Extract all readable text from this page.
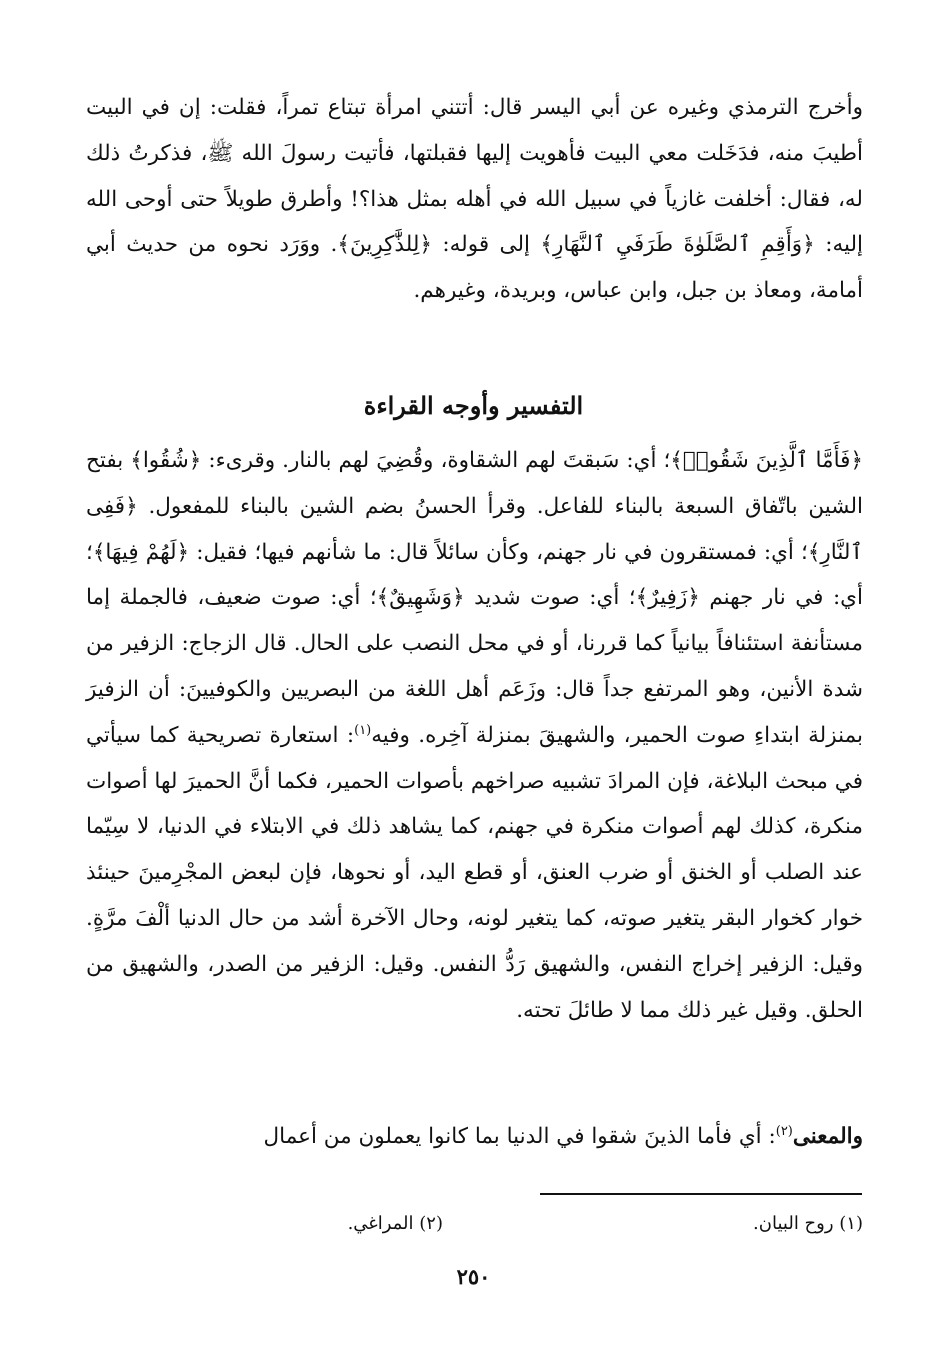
وأخرج الترمذي وغيره عن أبي اليسر قال: أتتني امرأة تبتاع تمراً، فقلت: إن في البيت أطيبَ منه، فدَخَلت معي البيت فأهويت إليها فقبلتها، فأتيت رسولَ الله ﷺ، فذكرتُ ذلك له، فقال: أخلفت غازياً في سبيل الله في أهله بمثل هذا؟! وأطرق طويلاً حتى أوحى الله إليه: ﴿وَأَقِمِ ٱلصَّلَوٰةَ طَرَفَيِ ٱلنَّهَارِ﴾ إلى قوله: ﴿لِلذَّٰكِرِينَ﴾. ووَرَد نحوه من حديث أبي أمامة، ومعاذ بن جبل، وابن عباس، وبريدة، وغيرهم.
التفسير وأوجه القراءة
﴿فَأَمَّا ٱلَّذِينَ شَقُوا۟﴾؛ أي: سَبقتَ لهم الشقاوة، وقُضِيَ لهم بالنار. وقرىء: ﴿شُقُوا﴾ بفتح الشين باتّفاق السبعة بالبناء للفاعل. وقرأ الحسنُ بضم الشين بالبناء للمفعول. ﴿فَفِى ٱلنَّارِ﴾؛ أي: فمستقرون في نار جهنم، وكأن سائلاً قال: ما شأنهم فيها؛ فقيل: ﴿لَهُمْ فِيهَا﴾؛ أي: في نار جهنم ﴿زَفِيرٌ﴾؛ أي: صوت شديد ﴿وَشَهِيقٌ﴾؛ أي: صوت ضعيف، فالجملة إما مستأنفة استئنافاً بيانياً كما قررنا، أو في محل النصب على الحال. قال الزجاج: الزفير من شدة الأنين، وهو المرتفع جداً قال: وزَعَم أهل اللغة من البصريين والكوفيينَ: أن الزفيرَ بمنزلة ابتداءِ صوت الحمير، والشهيقَ بمنزلة آخِره. وفيه$^{(١)}$: استعارة تصريحية كما سيأتي في مبحث البلاغة، فإن المرادَ تشبيه صراخهم بأصوات الحمير، فكما أنَّ الحميرَ لها أصوات منكرة، كذلك لهم أصوات منكرة في جهنم، كما يشاهد ذلك في الابتلاء في الدنيا، لا سِيّما عند الصلب أو الخنق أو ضرب العنق، أو قطع اليد، أو نحوها، فإن لبعض المجْرِمينَ حينئذ خوار كخوار البقر يتغير صوته، كما يتغير لونه، وحال الآخرة أشد من حال الدنيا ألْفَ مرَّةٍ. وقيل: الزفير إخراج النفس، والشهيق رَدُّ النفس. وقيل: الزفير من الصدر، والشهيق من الحلق. وقيل غير ذلك مما لا طائلَ تحته.
والمعنى$^{(٢)}$: أي فأما الذينَ شقوا في الدنيا بما كانوا يعملون من أعمال
(١) روح البيان.
(٢) المراغي.
٢٥٠
